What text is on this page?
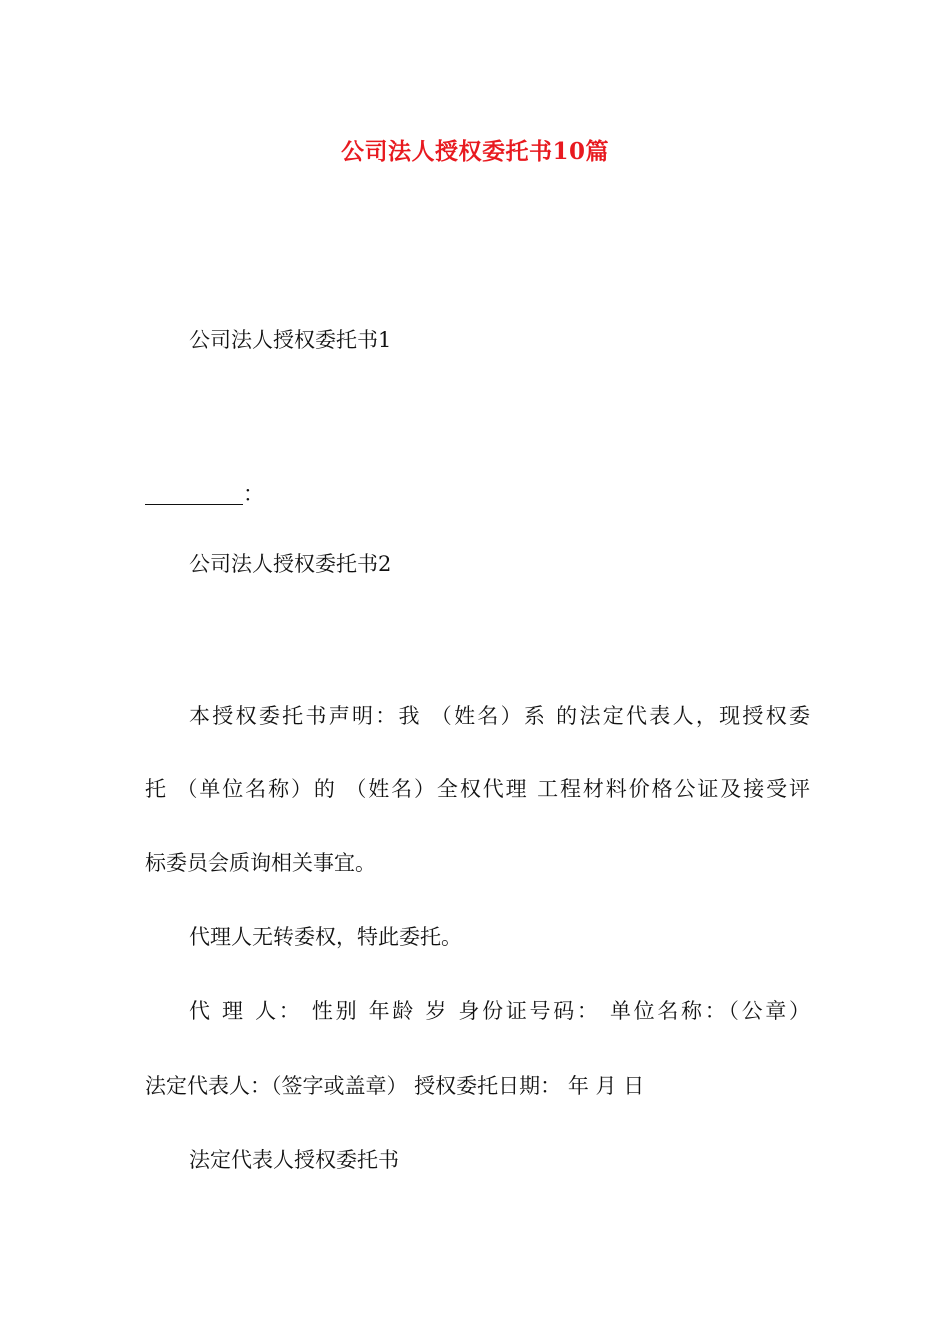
公司法人授权委托书10篇
公司法人授权委托书1
：
公司法人授权委托书2
本授权委托书声明：我 （姓名）系 的法定代表人，现授权委
托 （单位名称）的 （姓名）全权代理 工程材料价格公证及接受评
标委员会质询相关事宜。
代理人无转委权，特此委托。
代 理 人： 性别 年龄 岁 身份证号码： 单位名称：（公章）
法定代表人：（签字或盖章） 授权委托日期： 年 月 日
法定代表人授权委托书
